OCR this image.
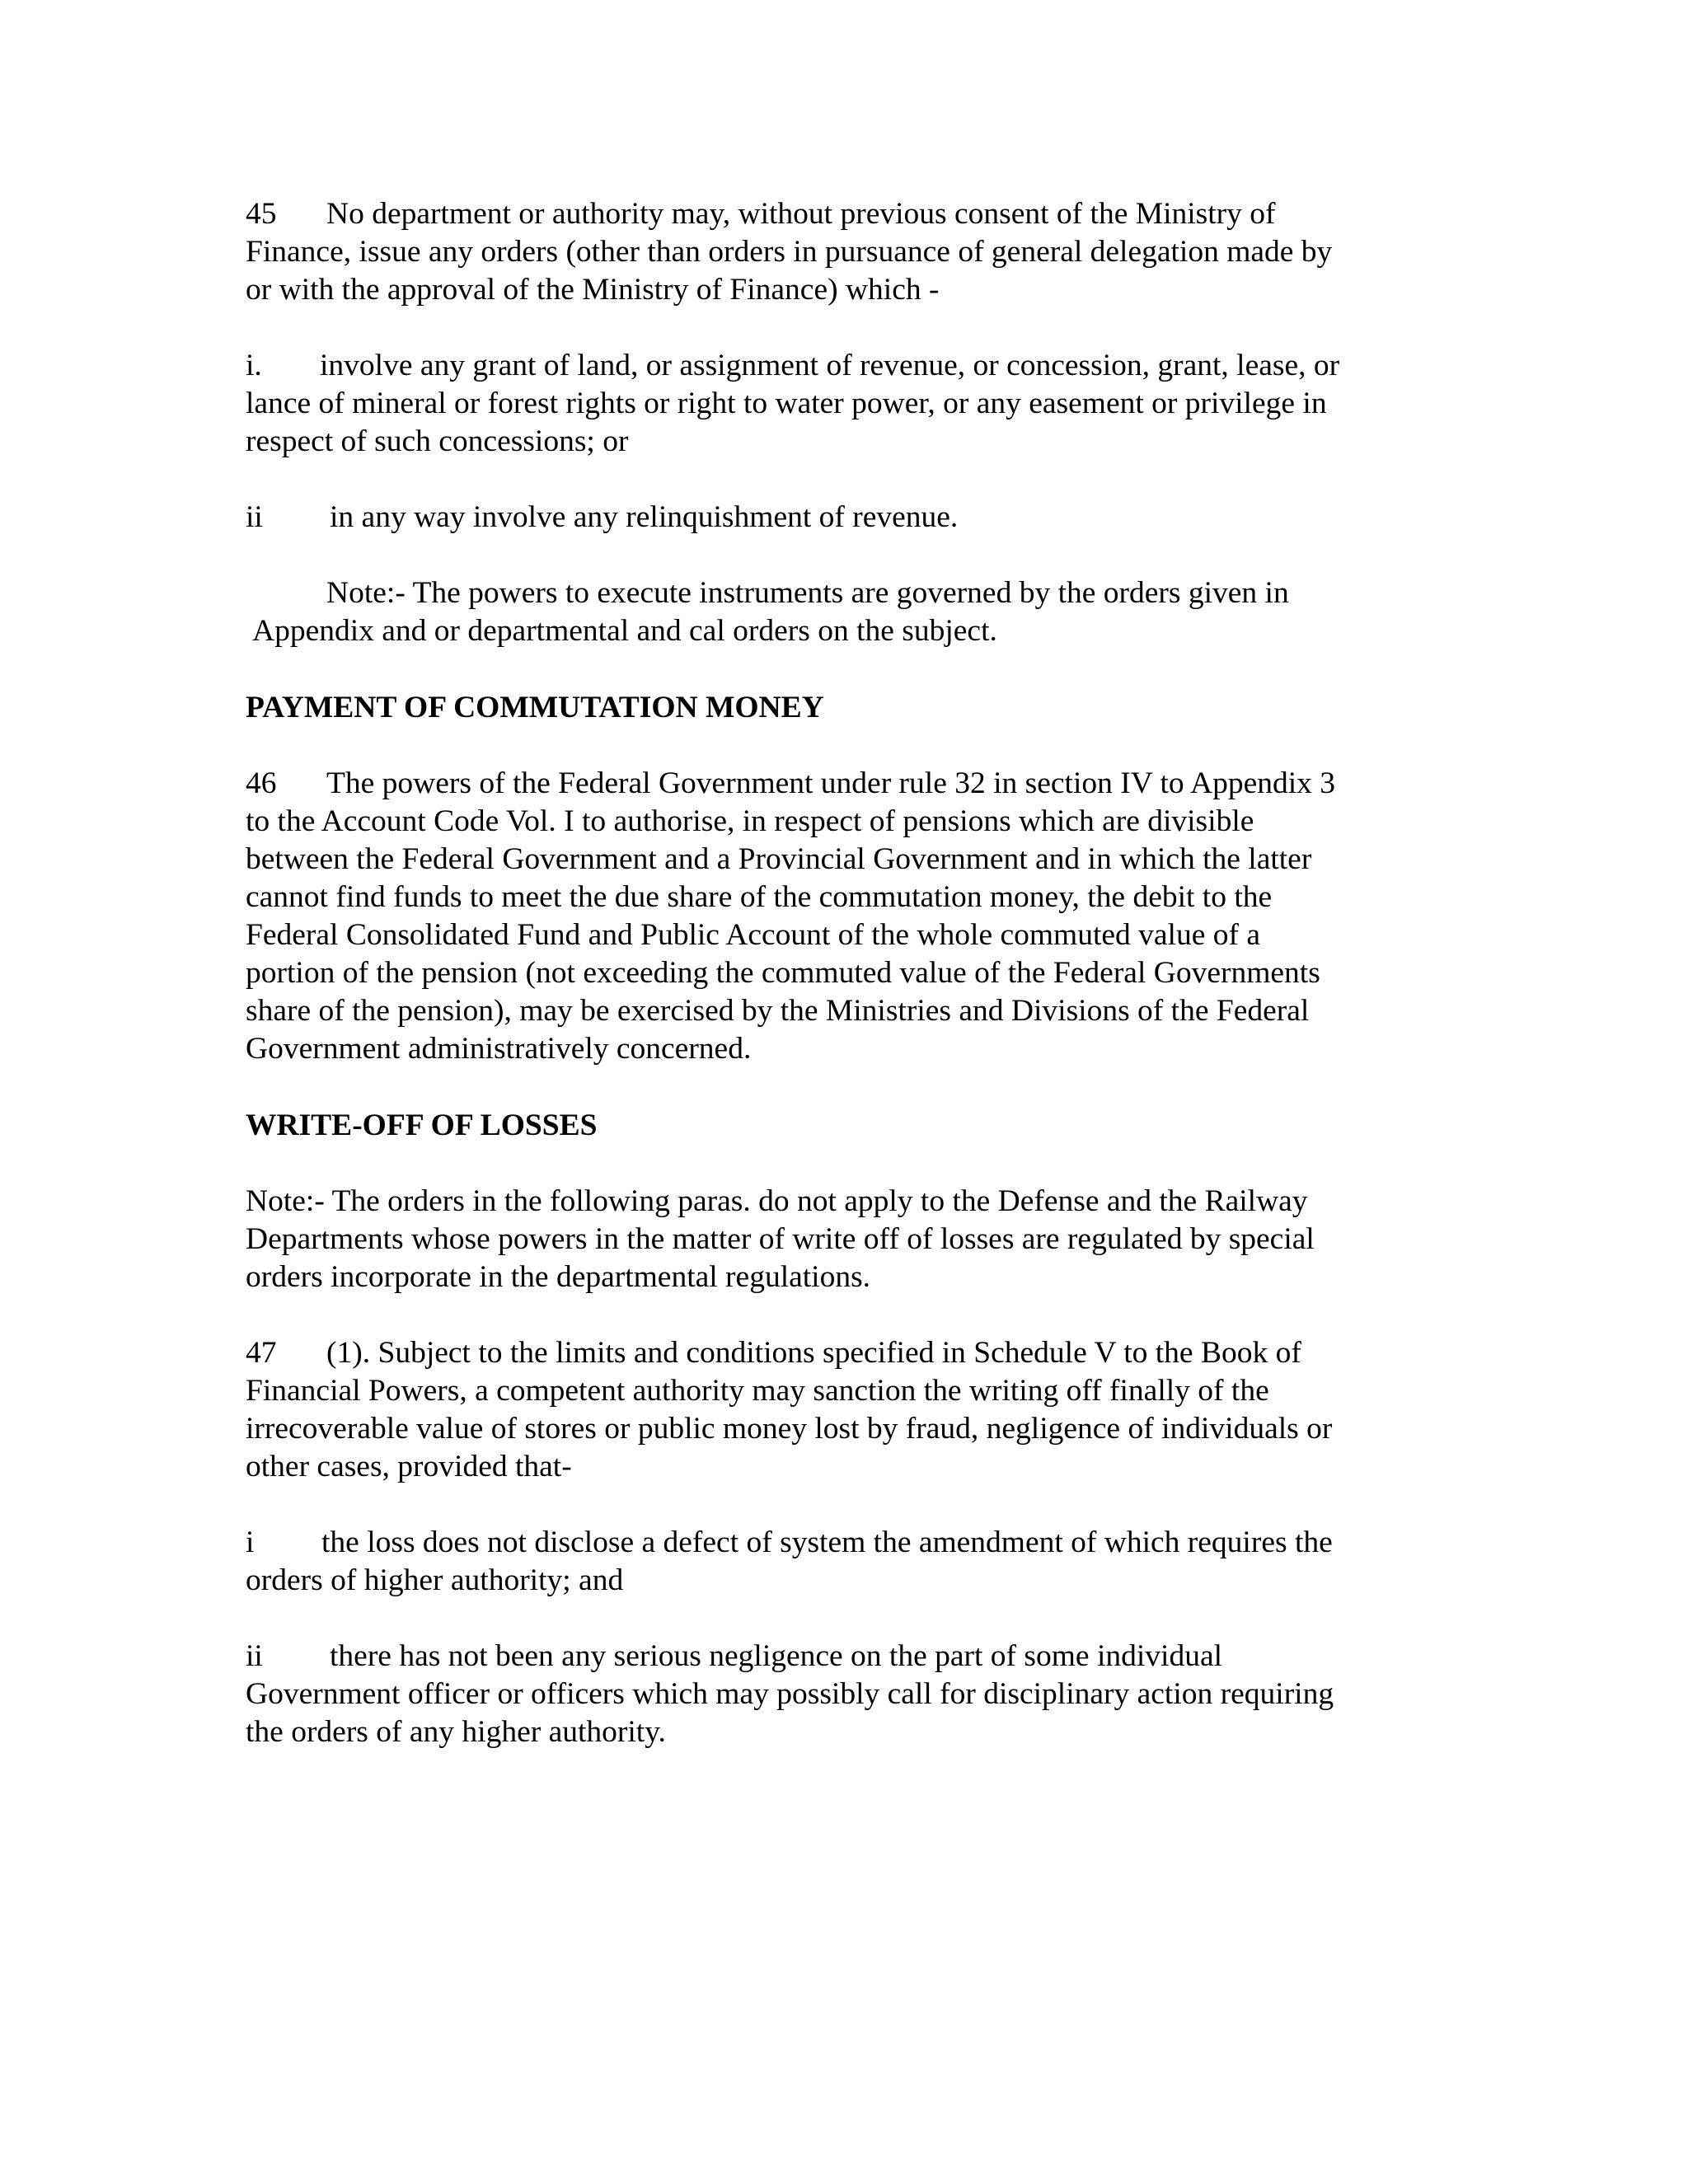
45 No department or authority may, without previous consent of the Ministry of
Finance, issue any orders (other than orders in pursuance of general delegation made by
or with the approval of the Ministry of Finance) which -
i. involve any grant of land, or assignment of revenue, or concession, grant, lease, or
lance of mineral or forest rights or right to water power, or any easement or privilege in
respect of such concessions; or
ii in any way involve any relinquishment of revenue.
Note:- The powers to execute instruments are governed by the orders given in
Appendix and or departmental and cal orders on the subject.
PAYMENT OF COMMUTATION MONEY
46 The powers of the Federal Government under rule 32 in section IV to Appendix 3
to the Account Code Vol. I to authorise, in respect of pensions which are divisible
between the Federal Government and a Provincial Government and in which the latter
cannot find funds to meet the due share of the commutation money, the debit to the
Federal Consolidated Fund and Public Account of the whole commuted value of a
portion of the pension (not exceeding the commuted value of the Federal Governments
share of the pension), may be exercised by the Ministries and Divisions of the Federal
Government administratively concerned.
WRITE-OFF OF LOSSES
Note:- The orders in the following paras. do not apply to the Defense and the Railway
Departments whose powers in the matter of write off of losses are regulated by special
orders incorporate in the departmental regulations.
47 (1). Subject to the limits and conditions specified in Schedule V to the Book of
Financial Powers, a competent authority may sanction the writing off finally of the
irrecoverable value of stores or public money lost by fraud, negligence of individuals or
other cases, provided that-
i the loss does not disclose a defect of system the amendment of which requires the
orders of higher authority; and
ii there has not been any serious negligence on the part of some individual
Government officer or officers which may possibly call for disciplinary action requiring
the orders of any higher authority.
